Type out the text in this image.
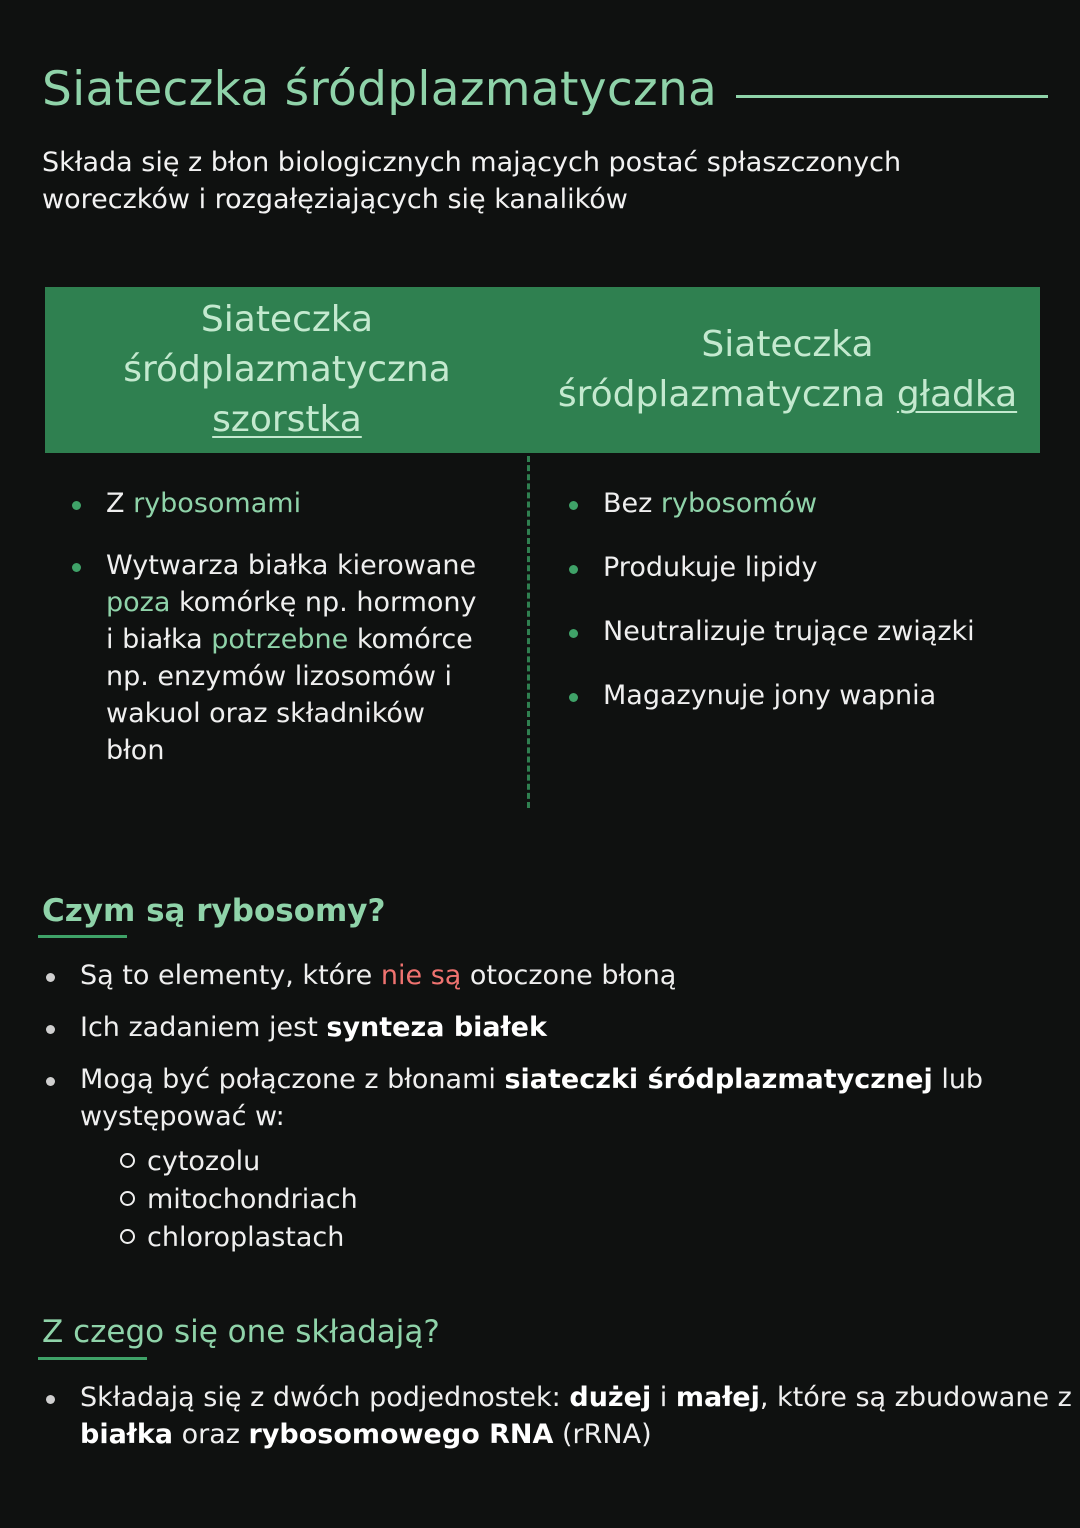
Siateczka śródplazmatyczna
Składa się z błon biologicznych mających postać spłaszczonych woreczków i rozgałęziających się kanalików
Siateczka
śródplazmatyczna
szorstka
Siateczka
śródplazmatyczna gładka
Z rybosomami
Wytwarza białka kierowane poza komórkę np. hormony i białka potrzebne komórce np. enzymów lizosomów i wakuol oraz składników błon
Bez rybosomów
Produkuje lipidy
Neutralizuje trujące związki
Magazynuje jony wapnia
Czym są rybosomy?
Są to elementy, które nie są otoczone błoną
Ich zadaniem jest synteza białek
Mogą być połączone z błonami siateczki śródplazmatycznej lub występować w:
cytozolu
mitochondriach
chloroplastach
Z czego się one składają?
Składają się z dwóch podjednostek: dużej i małej, które są zbudowane z białka oraz rybosomowego RNA (rRNA)
